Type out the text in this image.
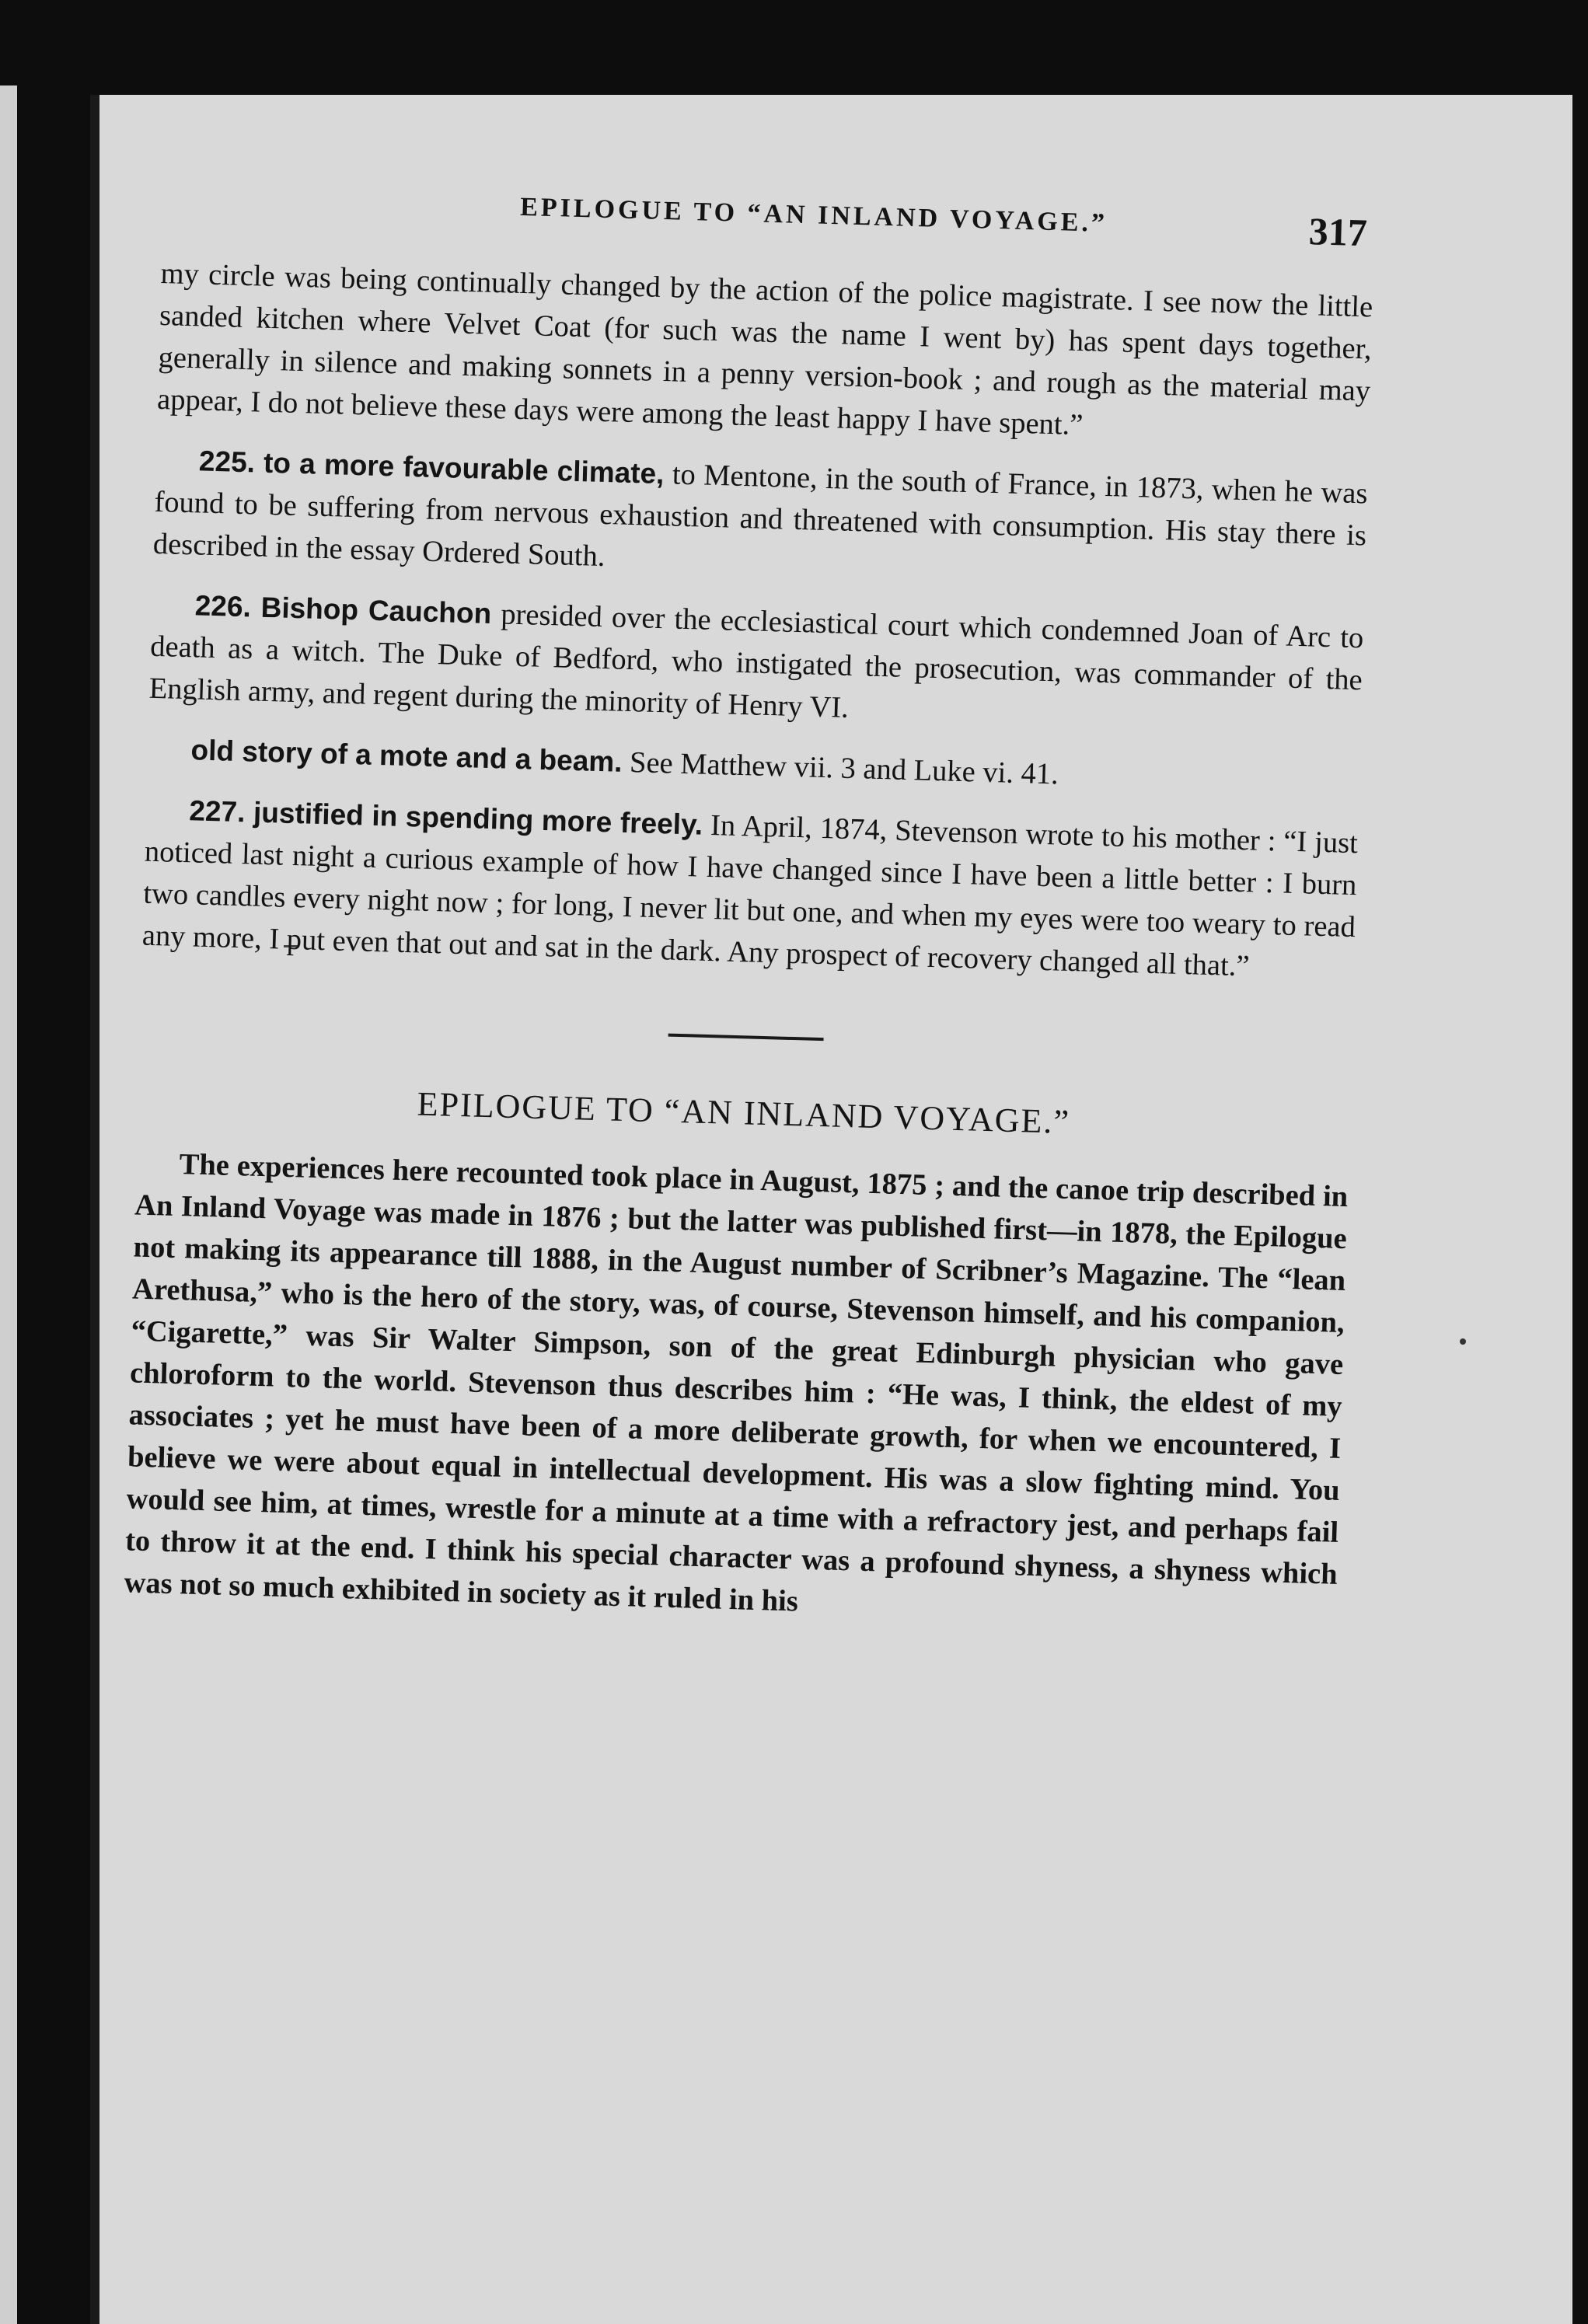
EPILOGUE TO “AN INLAND VOYAGE.”	317

my circle was being continually changed by the action of the police magistrate. I see now the little sanded kitchen where Velvet Coat (for such was the name I went by) has spent days together, generally in silence and making sonnets in a penny version-book ; and rough as the material may appear, I do not believe these days were among the least happy I have spent.”

225. to a more favourable climate, to Mentone, in the south of France, in 1873, when he was found to be suffering from nervous exhaustion and threatened with consumption. His stay there is described in the essay Ordered South.

226. Bishop Cauchon presided over the ecclesiastical court which condemned Joan of Arc to death as a witch. The Duke of Bedford, who instigated the prosecution, was commander of the English army, and regent during the minority of Henry VI.

old story of a mote and a beam. See Matthew vii. 3 and Luke vi. 41.

227. justified in spending more freely. In April, 1874, Stevenson wrote to his mother : “I just noticed last night a curious example of how I have changed since I have been a little better : I burn two candles every night now ; for long, I never lit but one, and when my eyes were too weary to read any more, I put even that out and sat in the dark. Any prospect of recovery changed all that.”

EPILOGUE TO “AN INLAND VOYAGE.”

The experiences here recounted took place in August, 1875 ; and the canoe trip described in An Inland Voyage was made in 1876 ; but the latter was published first—in 1878, the Epilogue not making its appearance till 1888, in the August number of Scribner’s Magazine. The “lean Arethusa,” who is the hero of the story, was, of course, Stevenson himself, and his companion, “Cigarette,” was Sir Walter Simpson, son of the great Edinburgh physician who gave chloroform to the world. Stevenson thus describes him : “He was, I think, the eldest of my associates ; yet he must have been of a more deliberate growth, for when we encountered, I believe we were about equal in intellectual development. His was a slow fighting mind. You would see him, at times, wrestle for a minute at a time with a refractory jest, and perhaps fail to throw it at the end. I think his special character was a profound shyness, a shyness which was not so much exhibited in society as it ruled in his
